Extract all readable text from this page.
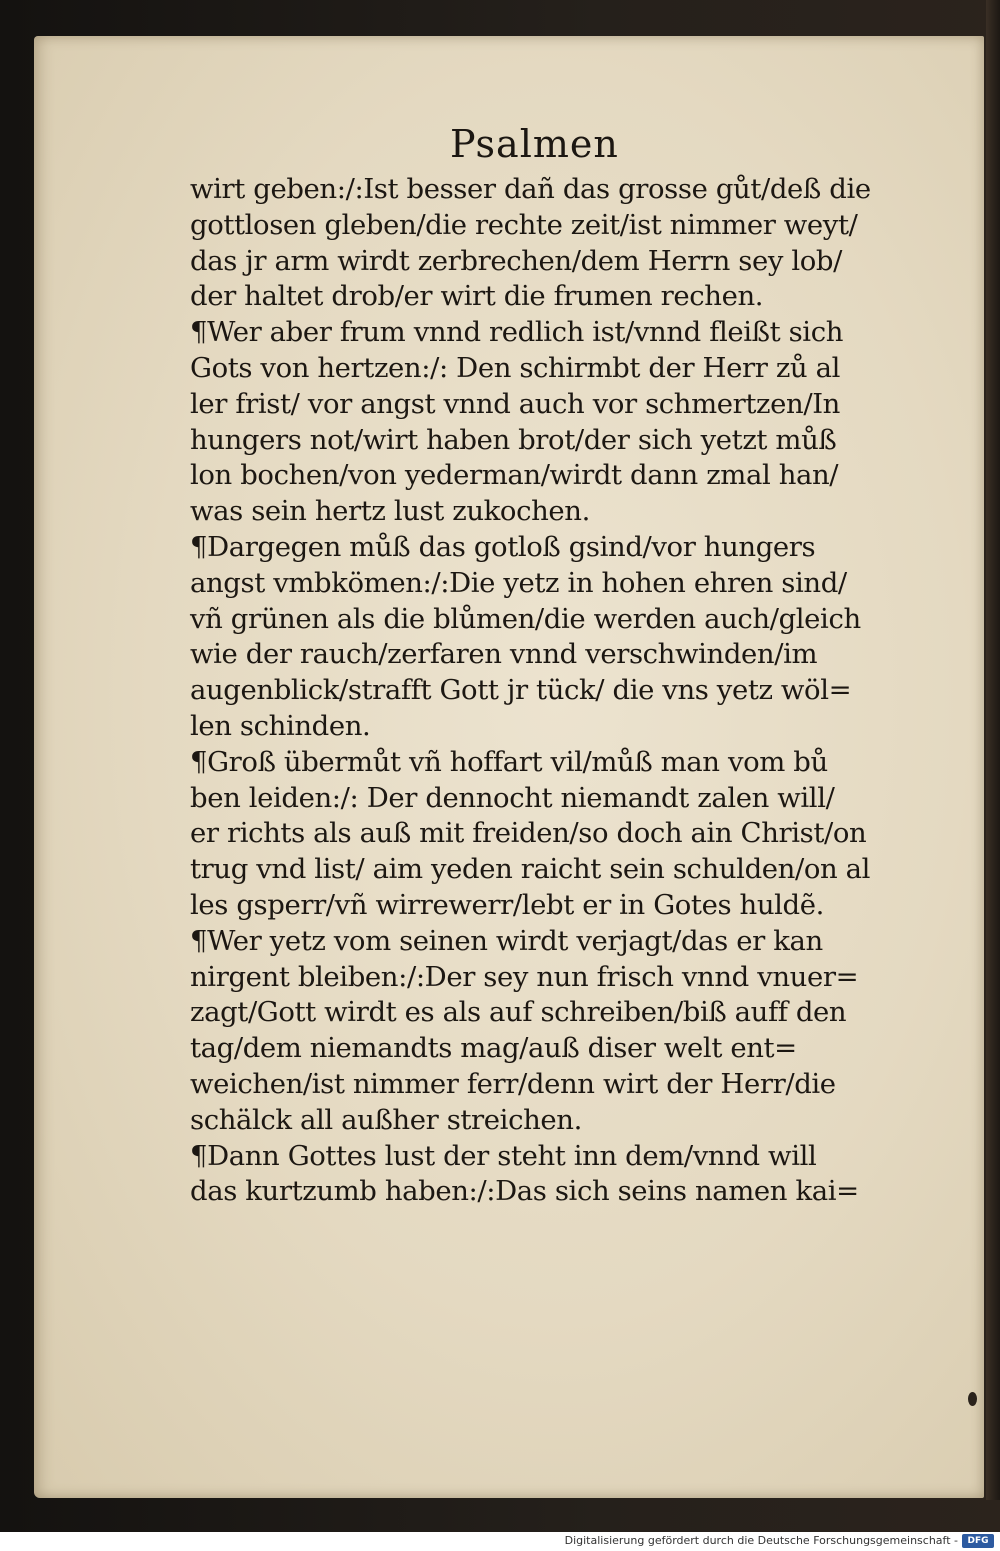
Psalmen
wirt geben:/:Ist besser dañ das grosse gůt/deß die
gottlosen gleben/die rechte zeit/ist nimmer weyt/
das jr arm wirdt zerbrechen/dem Herrn sey lob/
der haltet drob/er wirt die frumen rechen.
¶Wer aber frum vnnd redlich ist/vnnd fleißt sich
Gots von hertzen:/: Den schirmbt der Herr zů al
ler frist/ vor angst vnnd auch vor schmertzen/In
hungers not/wirt haben brot/der sich yetzt můß
lon bochen/von yederman/wirdt dann zmal han/
was sein hertz lust zukochen.
¶Dargegen můß das gotloß gsind/vor hungers
angst vmbkömen:/:Die yetz in hohen ehren sind/
vñ grünen als die blůmen/die werden auch/gleich
wie der rauch/zerfaren vnnd verschwinden/im
augenblick/strafft Gott jr tück/ die vns yetz wöl=
len schinden.
¶Groß übermůt vñ hoffart vil/můß man vom bů
ben leiden:/: Der dennocht niemandt zalen will/
er richts als auß mit freiden/so doch ain Christ/on
trug vnd list/ aim yeden raicht sein schulden/on al
les gsperr/vñ wirrewerr/lebt er in Gotes huldẽ.
¶Wer yetz vom seinen wirdt verjagt/das er kan
nirgent bleiben:/:Der sey nun frisch vnnd vnuer=
zagt/Gott wirdt es als auf schreiben/biß auff den
tag/dem niemandts mag/auß diser welt ent=
weichen/ist nimmer ferr/denn wirt der Herr/die
schälck all außher streichen.
¶Dann Gottes lust der steht inn dem/vnnd will
das kurtzumb haben:/:Das sich seins namen kai=
Digitalisierung gefördert durch die Deutsche Forschungsgemeinschaft -	DFG
